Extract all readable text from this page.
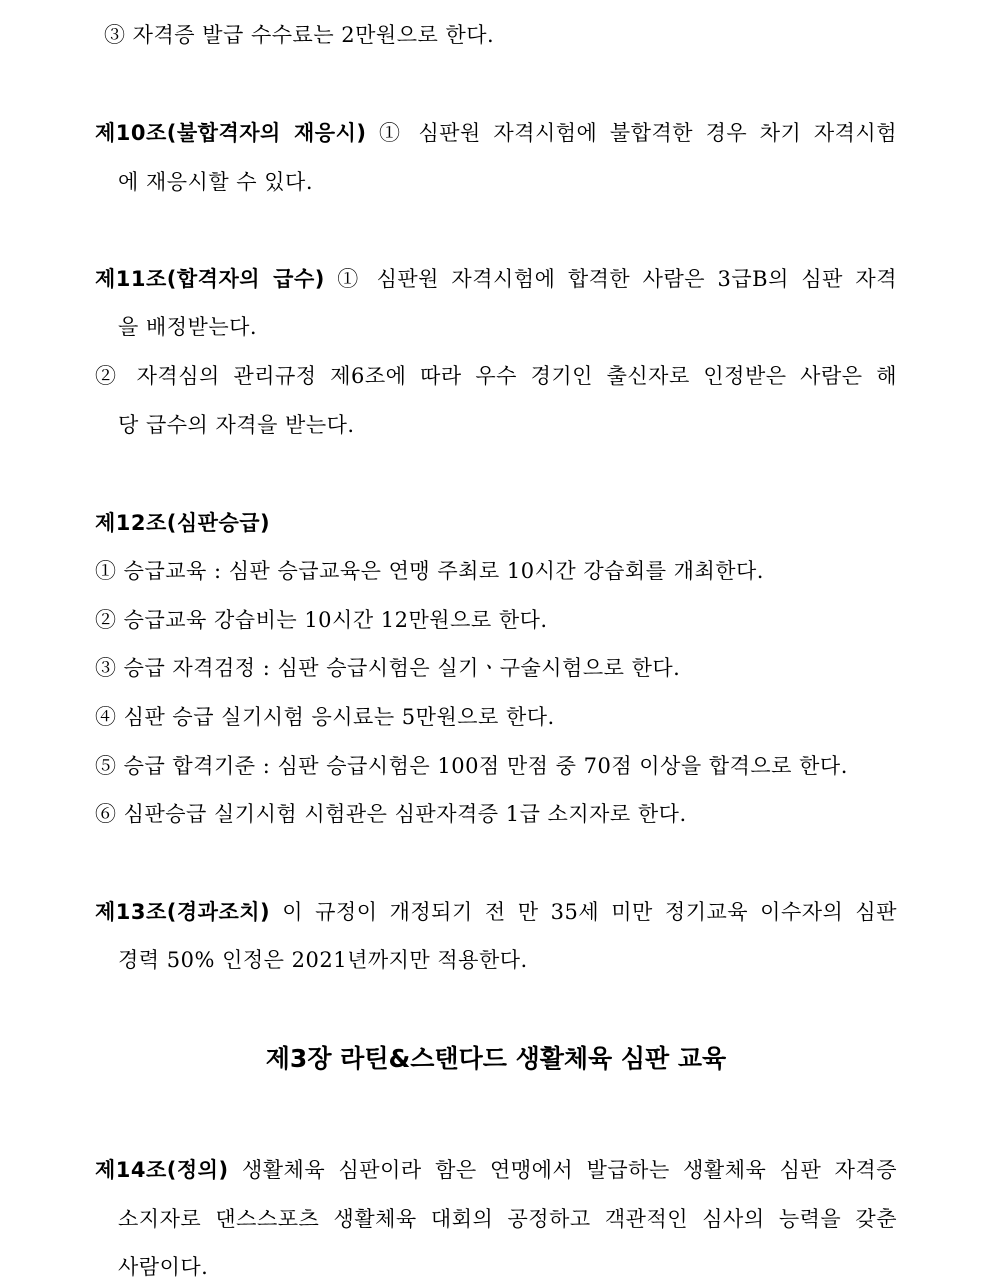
③ 자격증 발급 수수료는 2만원으로 한다.
제10조(불합격자의 재응시) ① 심판원 자격시험에 불합격한 경우 차기 자격시험
에 재응시할 수 있다.
제11조(합격자의 급수) ① 심판원 자격시험에 합격한 사람은 3급B의 심판 자격
을 배정받는다.
② 자격심의 관리규정 제6조에 따라 우수 경기인 출신자로 인정받은 사람은 해
당 급수의 자격을 받는다.
제12조(심판승급)
① 승급교육 : 심판 승급교육은 연맹 주최로 10시간 강습회를 개최한다.
② 승급교육 강습비는 10시간 12만원으로 한다.
③ 승급 자격검정 : 심판 승급시험은 실기ㆍ구술시험으로 한다.
④ 심판 승급 실기시험 응시료는 5만원으로 한다.
⑤ 승급 합격기준 : 심판 승급시험은 100점 만점 중 70점 이상을 합격으로 한다.
⑥ 심판승급 실기시험 시험관은 심판자격증 1급 소지자로 한다.
제13조(경과조치) 이 규정이 개정되기 전 만 35세 미만 정기교육 이수자의 심판
경력 50% 인정은 2021년까지만 적용한다.
제3장 라틴&스탠다드 생활체육 심판 교육
제14조(정의) 생활체육 심판이라 함은 연맹에서 발급하는 생활체육 심판 자격증
소지자로 댄스스포츠 생활체육 대회의 공정하고 객관적인 심사의 능력을 갖춘
사람이다.
